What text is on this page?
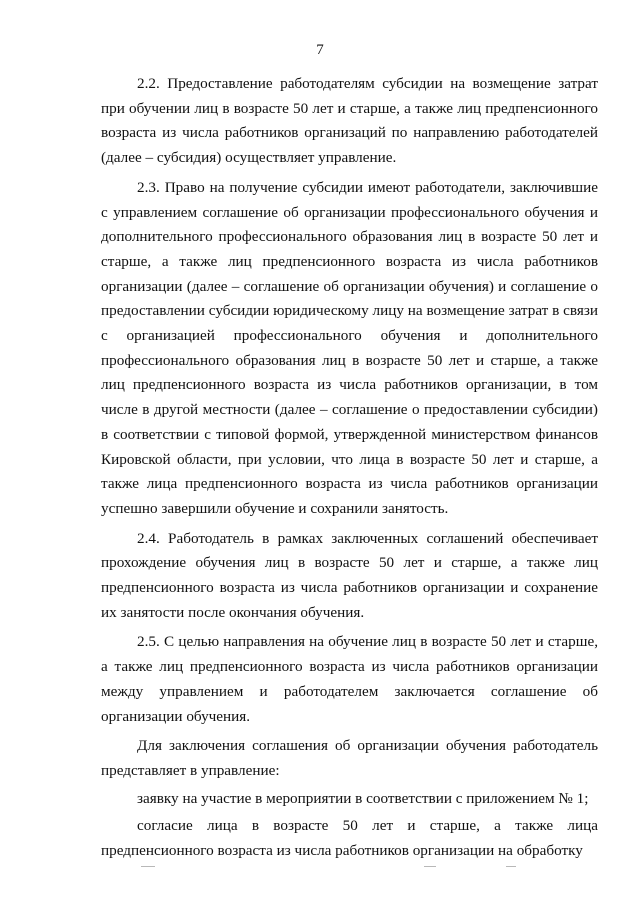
7

2.2. Предоставление работодателям субсидии на возмещение затрат при обучении лиц в возрасте 50 лет и старше, а также лиц предпенсионного возраста из числа работников организаций по направлению работодателей (далее – субсидия) осуществляет управление.

2.3. Право на получение субсидии имеют работодатели, заключившие с управлением соглашение об организации профессионального обучения и дополнительного профессионального образования лиц в возрасте 50 лет и старше, а также лиц предпенсионного возраста из числа работников организации (далее – соглашение об организации обучения) и соглашение о предоставлении субсидии юридическому лицу на возмещение затрат в связи с организацией профессионального обучения и дополнительного профессионального образования лиц в возрасте 50 лет и старше, а также лиц предпенсионного возраста из числа работников организации, в том числе в другой местности (далее – соглашение о предоставлении субсидии) в соответствии с типовой формой, утвержденной министерством финансов Кировской области, при условии, что лица в возрасте 50 лет и старше, а также лица предпенсионного возраста из числа работников организации успешно завершили обучение и сохранили занятость.

2.4. Работодатель в рамках заключенных соглашений обеспечивает прохождение обучения лиц в возрасте 50 лет и старше, а также лиц предпенсионного возраста из числа работников организации и сохранение их занятости после окончания обучения.

2.5. С целью направления на обучение лиц в возрасте 50 лет и старше, а также лиц предпенсионного возраста из числа работников организации между управлением и работодателем заключается соглашение об организации обучения.

Для заключения соглашения об организации обучения работодатель представляет в управление:

заявку на участие в мероприятии в соответствии с приложением № 1;

согласие лица в возрасте 50 лет и старше, а также лица предпенсионного возраста из числа работников организации на обработку
